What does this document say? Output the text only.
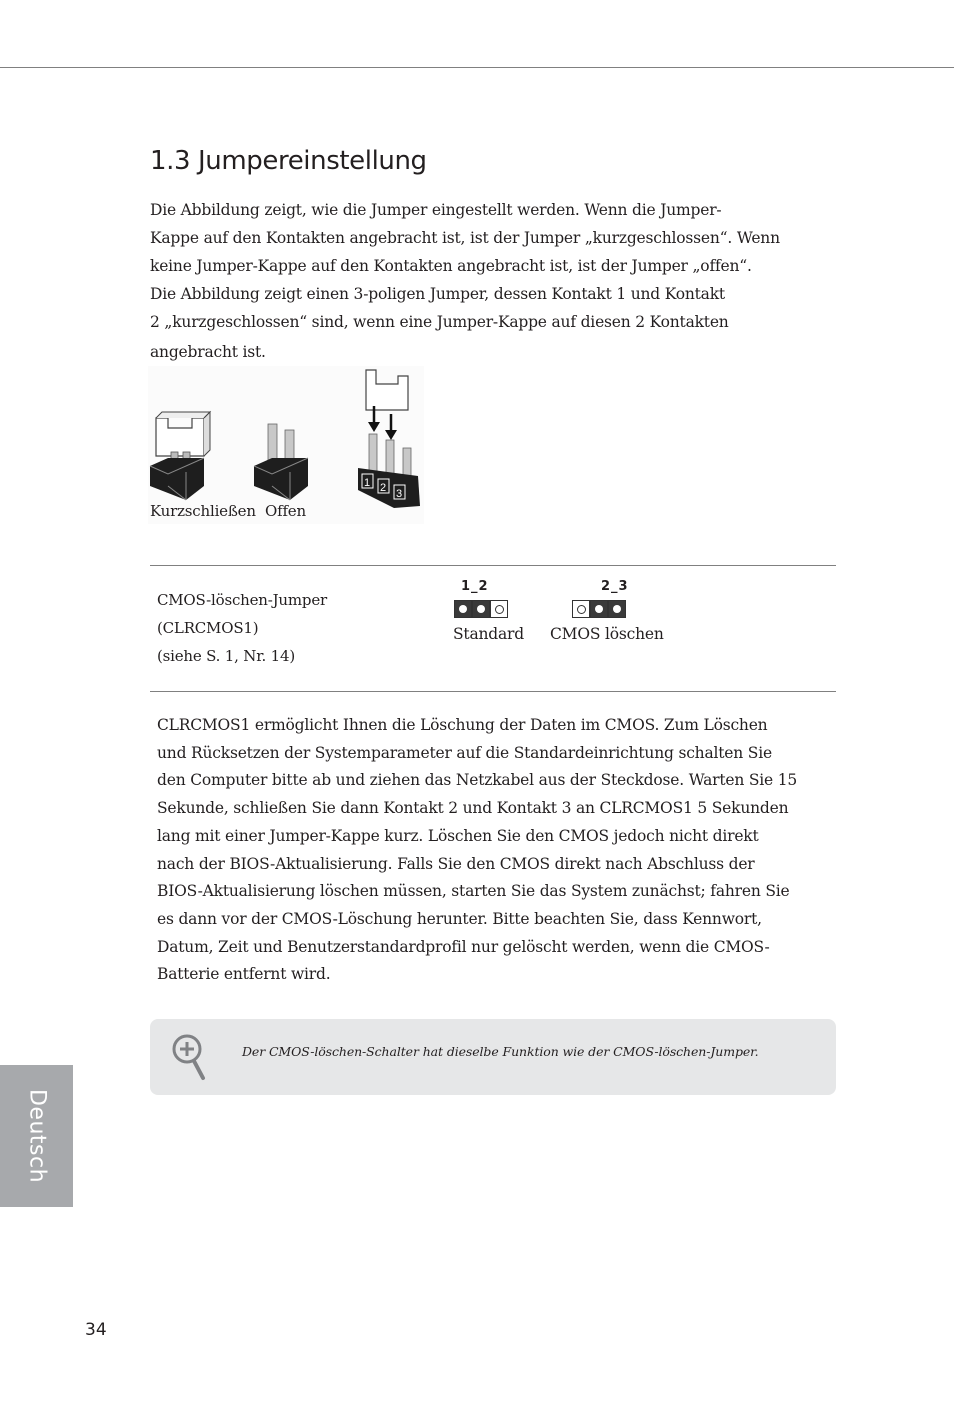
1.3 Jumpereinstellung

Die Abbildung zeigt, wie die Jumper eingestellt werden. Wenn die Jumper-
Kappe auf den Kontakten angebracht ist, ist der Jumper „kurzgeschlossen“. Wenn
keine Jumper-Kappe auf den Kontakten angebracht ist, ist der Jumper „offen“.
Die Abbildung zeigt einen 3-poligen Jumper, dessen Kontakt 1 und Kontakt
2 „kurzgeschlossen“ sind, wenn eine Jumper-Kappe auf diesen 2 Kontakten
angebracht ist.

1 2 3
Kurzschließen Offen

CMOS-löschen-Jumper
(CLRCMOS1)
(siehe S. 1, Nr. 14)

1_2
Standard
2_3
CMOS löschen

CLRCMOS1 ermöglicht Ihnen die Löschung der Daten im CMOS. Zum Löschen
und Rücksetzen der Systemparameter auf die Standardeinrichtung schalten Sie
den Computer bitte ab und ziehen das Netzkabel aus der Steckdose. Warten Sie 15
Sekunde, schließen Sie dann Kontakt 2 und Kontakt 3 an CLRCMOS1 5 Sekunden
lang mit einer Jumper-Kappe kurz. Löschen Sie den CMOS jedoch nicht direkt
nach der BIOS-Aktualisierung. Falls Sie den CMOS direkt nach Abschluss der
BIOS-Aktualisierung löschen müssen, starten Sie das System zunächst; fahren Sie
es dann vor der CMOS-Löschung herunter. Bitte beachten Sie, dass Kennwort,
Datum, Zeit und Benutzerstandardprofil nur gelöscht werden, wenn die CMOS-
Batterie entfernt wird.

Der CMOS-löschen-Schalter hat dieselbe Funktion wie der CMOS-löschen-Jumper.
Deutsch
34
